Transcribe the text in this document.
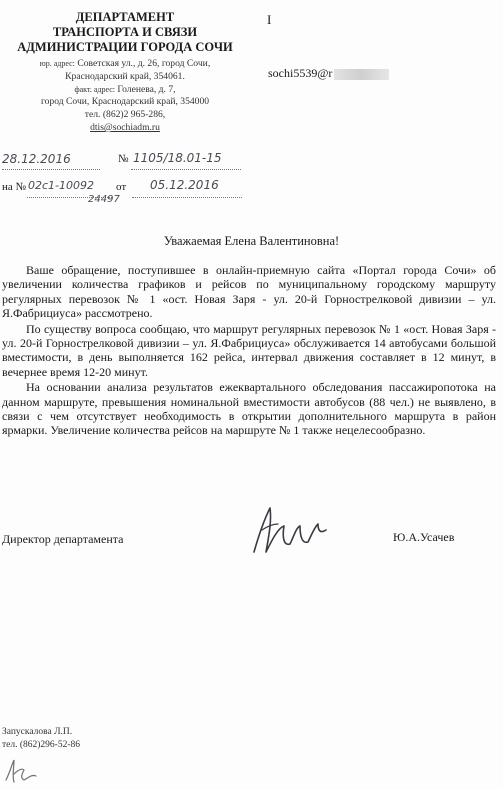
ДЕПАРТАМЕНТ
ТРАНСПОРТА И СВЯЗИ
АДМИНИСТРАЦИИ ГОРОДА СОЧИ
юр. адрес: Советская ул., д. 26, город Сочи,
Краснодарский край, 354061.
факт. адрес: Голенева, д. 7,
город Сочи, Краснодарский край, 354000
тел. (862)2 965-286,
dtis@sochiadm.ru
I
sochi5539@r
28.12.2016	№ 1105/18.01-15
на № 02с1-10092
24497
от 05.12.2016
Уважаемая Елена Валентиновна!

Ваше обращение, поступившее в онлайн-приемную сайта «Портал города Сочи» об увеличении количества графиков и рейсов по муниципальному городскому маршруту регулярных перевозок № 1 «ост. Новая Заря - ул. 20-й Горнострелковой дивизии – ул. Я.Фабрициуса» рассмотрено.

По существу вопроса сообщаю, что маршрут регулярных перевозок № 1 «ост. Новая Заря - ул. 20-й Горнострелковой дивизии – ул. Я.Фабрициуса» обслуживается 14 автобусами большой вместимости, в день выполняется 162 рейса, интервал движения составляет в 12 минут, в вечернее время 12-20 минут.

На основании анализа результатов ежеквартального обследования пассажиропотока на данном маршруте, превышения номинальной вместимости автобусов (88 чел.) не выявлено, в связи с чем отсутствует необходимость в открытии дополнительного маршрута в район ярмарки. Увеличение количества рейсов на маршруте № 1 также нецелесообразно.

Директор департамента	Ю.А.Усачев
Запускалова Л.П.
тел. (862)296-52-86
